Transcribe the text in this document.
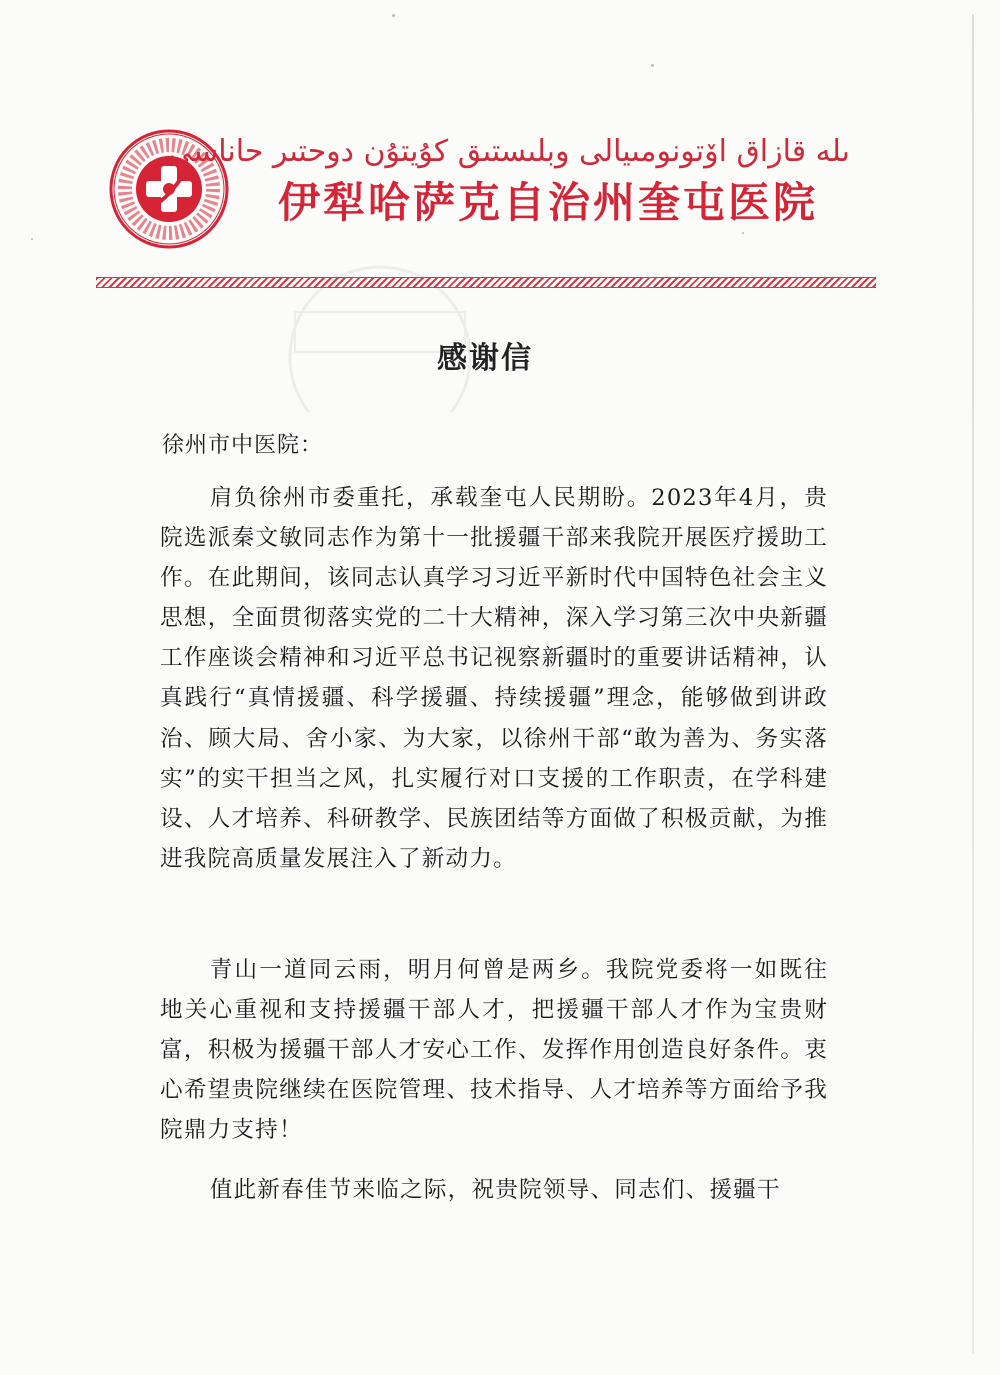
ىله قازاق اۆتونومىيالى وبلىستىق كۇيتۇن دوحتىر حاناسى
伊犁哈萨克自治州奎屯医院
感谢信
徐州市中医院：

肩负徐州市委重托，承载奎屯人民期盼。2023年4月，贵院选派秦文敏同志作为第十一批援疆干部来我院开展医疗援助工作。在此期间，该同志认真学习习近平新时代中国特色社会主义思想，全面贯彻落实党的二十大精神，深入学习第三次中央新疆工作座谈会精神和习近平总书记视察新疆时的重要讲话精神，认真践行“真情援疆、科学援疆、持续援疆”理念，能够做到讲政治、顾大局、舍小家、为大家，以徐州干部“敢为善为、务实落实”的实干担当之风，扎实履行对口支援的工作职责，在学科建设、人才培养、科研教学、民族团结等方面做了积极贡献，为推进我院高质量发展注入了新动力。

青山一道同云雨，明月何曾是两乡。我院党委将一如既往地关心重视和支持援疆干部人才，把援疆干部人才作为宝贵财富，积极为援疆干部人才安心工作、发挥作用创造良好条件。衷心希望贵院继续在医院管理、技术指导、人才培养等方面给予我院鼎力支持！

值此新春佳节来临之际，祝贵院领导、同志们、援疆干
